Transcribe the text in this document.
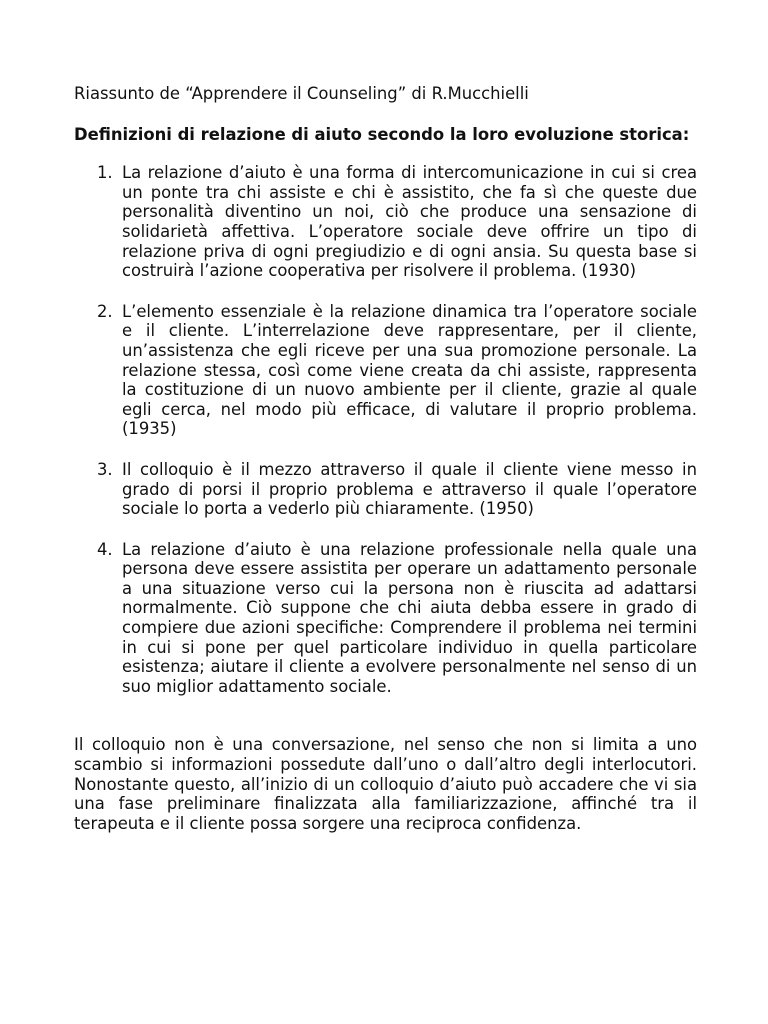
Riassunto de “Apprendere il Counseling” di R.Mucchielli

Definizioni di relazione di aiuto secondo la loro evoluzione storica:

1. La relazione d’aiuto è una forma di intercomunicazione in cui si crea un ponte tra chi assiste e chi è assistito, che fa sì che queste due personalità diventino un noi, ciò che produce una sensazione di solidarietà affettiva. L’operatore sociale deve offrire un tipo di relazione priva di ogni pregiudizio e di ogni ansia. Su questa base si costruirà l’azione cooperativa per risolvere il problema. (1930)
2. L’elemento essenziale è la relazione dinamica tra l’operatore sociale e il cliente. L’interrelazione deve rappresentare, per il cliente, un’assistenza che egli riceve per una sua promozione personale. La relazione stessa, così come viene creata da chi assiste, rappresenta la costituzione di un nuovo ambiente per il cliente, grazie al quale egli cerca, nel modo più efficace, di valutare il proprio problema. (1935)
3. Il colloquio è il mezzo attraverso il quale il cliente viene messo in grado di porsi il proprio problema e attraverso il quale l’operatore sociale lo porta a vederlo più chiaramente. (1950)
4. La relazione d’aiuto è una relazione professionale nella quale una persona deve essere assistita per operare un adattamento personale a una situazione verso cui la persona non è riuscita ad adattarsi normalmente. Ciò suppone che chi aiuta debba essere in grado di compiere due azioni specifiche: Comprendere il problema nei termini in cui si pone per quel particolare individuo in quella particolare esistenza; aiutare il cliente a evolvere personalmente nel senso di un suo miglior adattamento sociale.

Il colloquio non è una conversazione, nel senso che non si limita a uno scambio si informazioni possedute dall’uno o dall’altro degli interlocutori. Nonostante questo, all’inizio di un colloquio d’aiuto può accadere che vi sia una fase preliminare finalizzata alla familiarizzazione, affinché tra il terapeuta e il cliente possa sorgere una reciproca confidenza.
